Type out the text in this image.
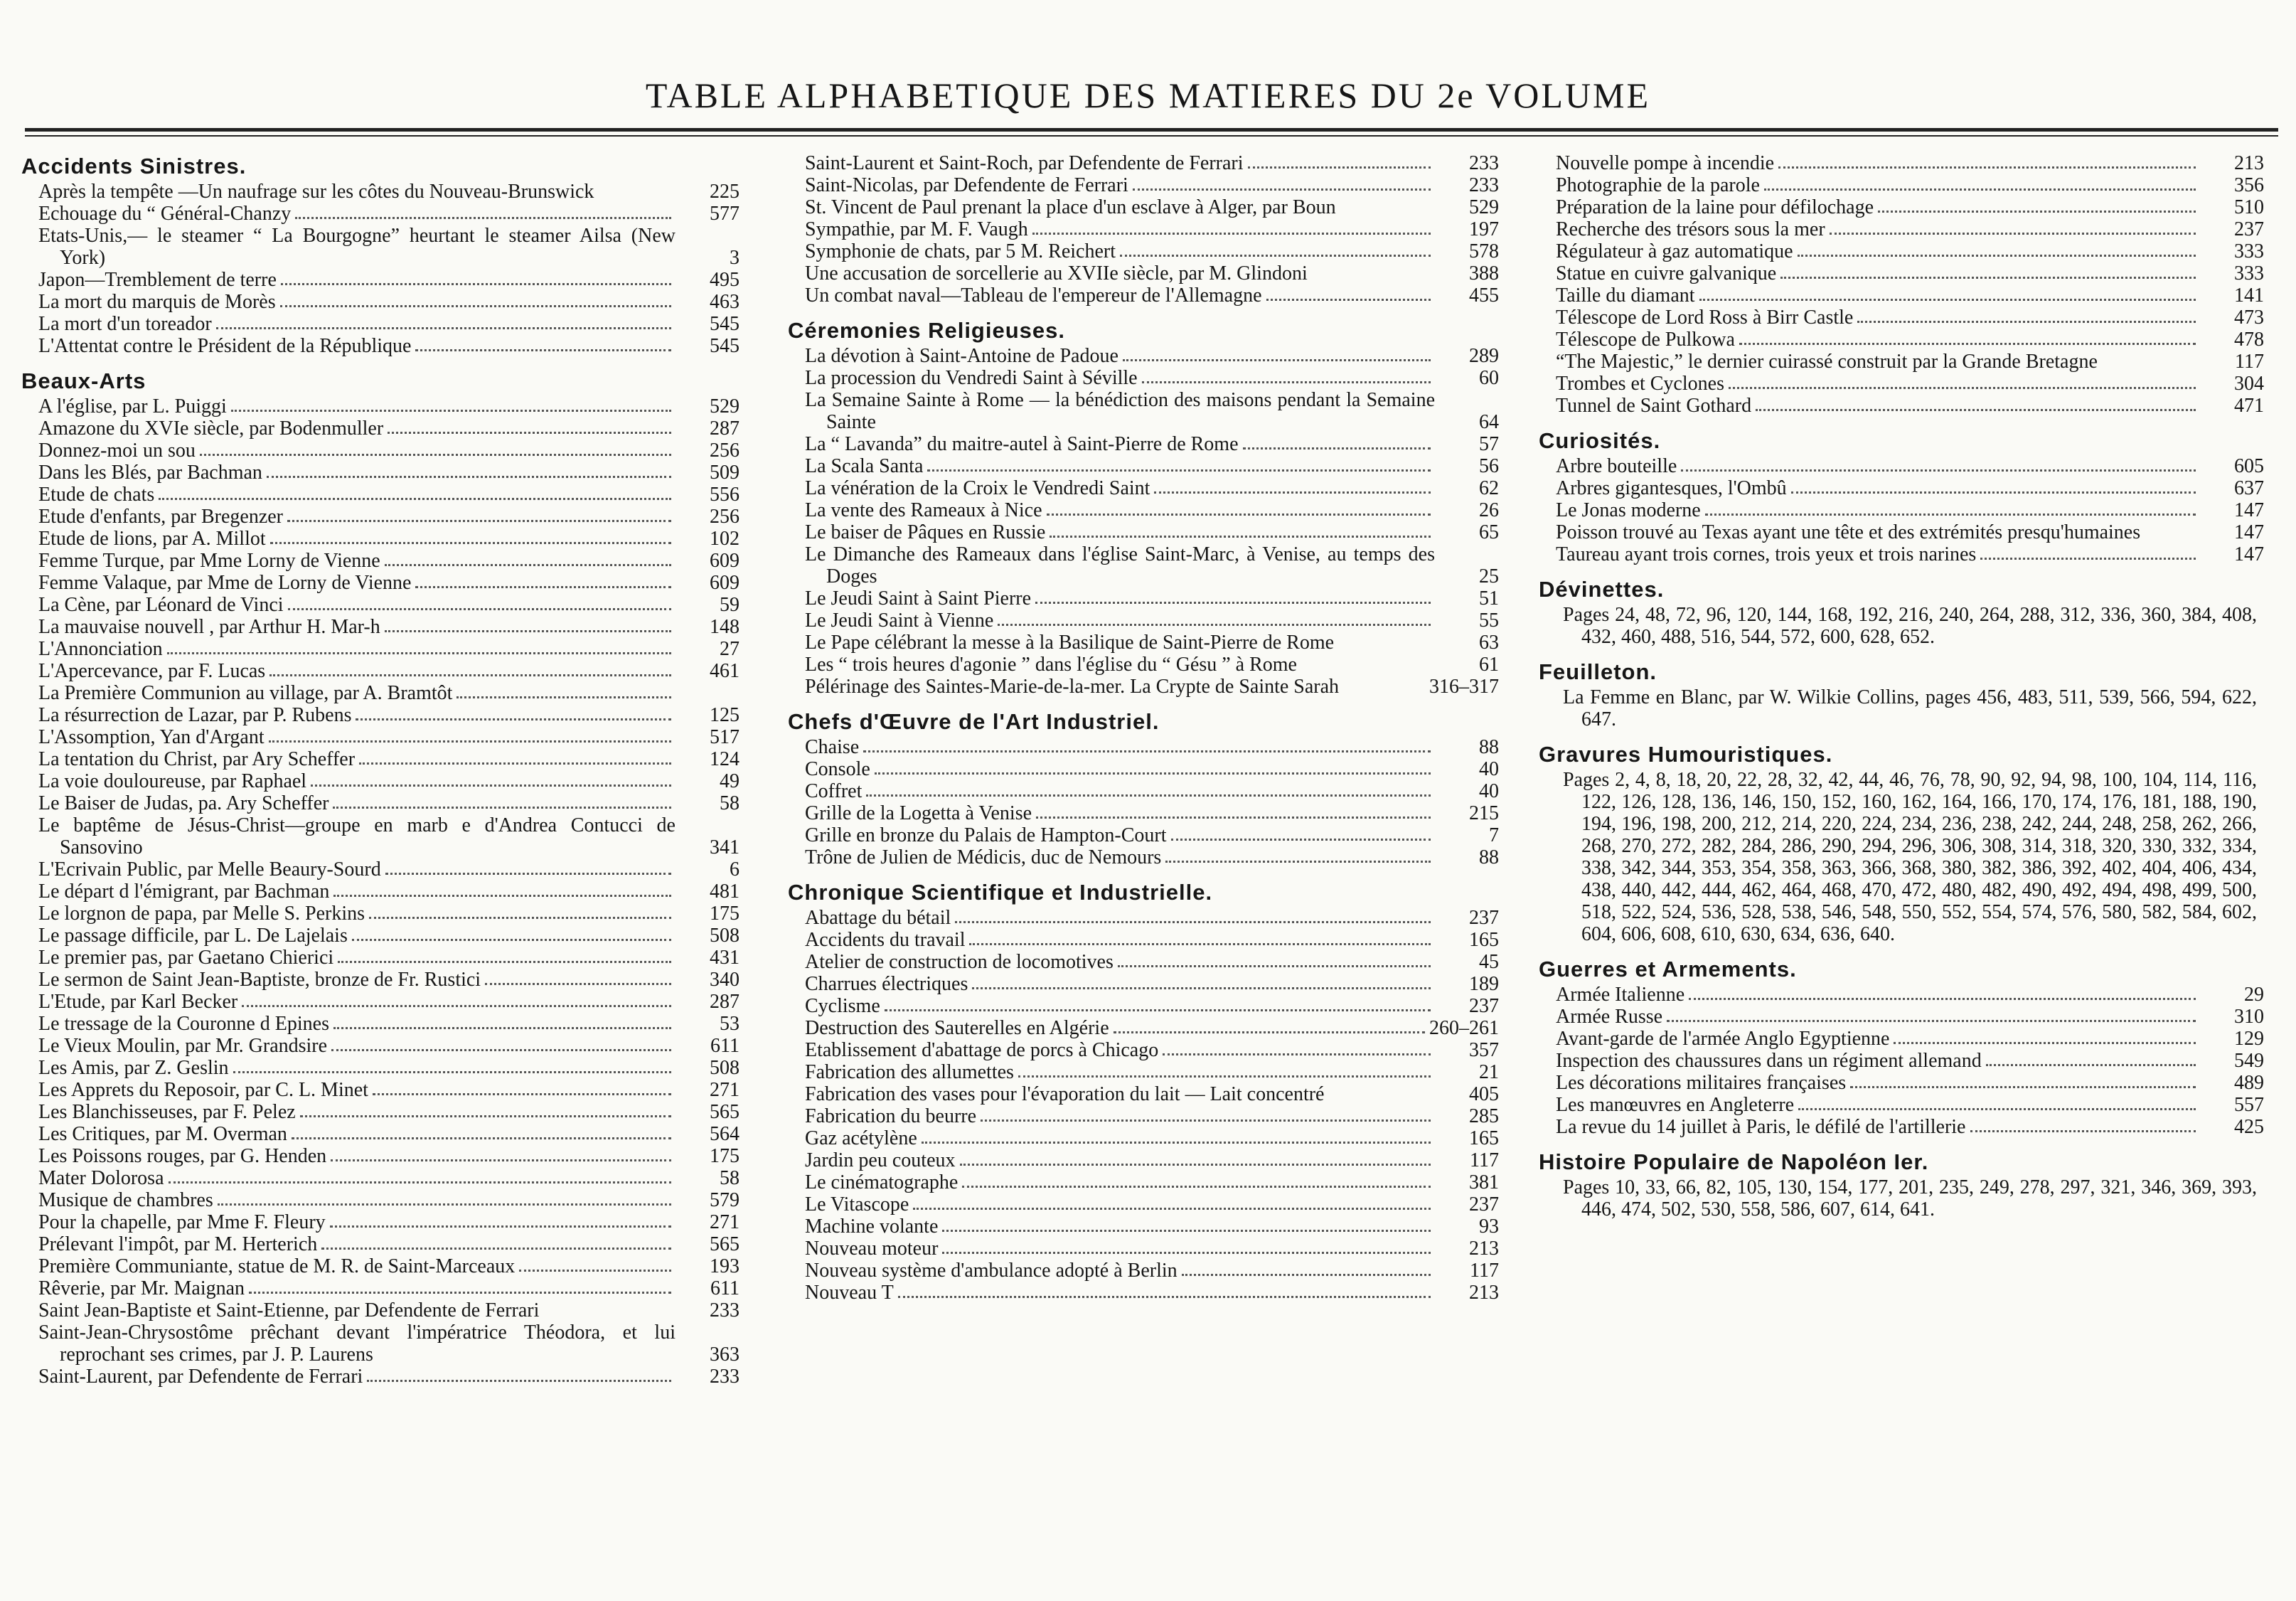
TABLE ALPHABETIQUE DES MATIERES DU 2e VOLUME
Accidents Sinistres.
Après la tempête —Un naufrage sur les côtes du Nouveau-Brunswick	225
Echouage du “ Général-Chanzy	577
Etats-Unis,— le steamer “ La Bourgogne” heurtant le steamer Ailsa (New York)	3
Japon—Tremblement de terre	495
La mort du marquis de Morès	463
La mort d'un toreador	545
L'Attentat contre le Président de la République	545
Beaux-Arts
A l'église, par L. Puiggi	529
Amazone du XVIe siècle, par Bodenmuller	287
Donnez-moi un sou	256
Dans les Blés, par Bachman	509
Etude de chats	556
Etude d'enfants, par Bregenzer	256
Etude de lions, par A. Millot	102
Femme Turque, par Mme Lorny de Vienne	609
Femme Valaque, par Mme de Lorny de Vienne	609
La Cène, par Léonard de Vinci	59
La mauvaise nouvell , par Arthur H. Mar-h	148
L'Annonciation	27
L'Apercevance, par F. Lucas	461
La Première Communion au village, par A. Bramtôt
La résurrection de Lazar, par P. Rubens	125
L'Assomption, Yan d'Argant	517
La tentation du Christ, par Ary Scheffer	124
La voie douloureuse, par Raphael	49
Le Baiser de Judas, pa. Ary Scheffer	58
Le baptême de Jésus-Christ—groupe en marb e d'Andrea Contucci de Sansovino	341
L'Ecrivain Public, par Melle Beaury-Sourd	6
Le départ d l'émigrant, par Bachman	481
Le lorgnon de papa, par Melle S. Perkins	175
Le passage difficile, par L. De Lajelais	508
Le premier pas, par Gaetano Chierici	431
Le sermon de Saint Jean-Baptiste, bronze de Fr. Rustici	340
L'Etude, par Karl Becker	287
Le tressage de la Couronne d Epines	53
Le Vieux Moulin, par Mr. Grandsire	611
Les Amis, par Z. Geslin	508
Les Apprets du Reposoir, par C. L. Minet	271
Les Blanchisseuses, par F. Pelez	565
Les Critiques, par M. Overman	564
Les Poissons rouges, par G. Henden	175
Mater Dolorosa	58
Musique de chambres	579
Pour la chapelle, par Mme F. Fleury	271
Prélevant l'impôt, par M. Herterich	565
Première Communiante, statue de M. R. de Saint-Marceaux	193
Rêverie, par Mr. Maignan	611
Saint Jean-Baptiste et Saint-Etienne, par Defendente de Ferrari	233
Saint-Jean-Chrysostôme prêchant devant l'impératrice Théodora, et lui reprochant ses crimes, par J. P. Laurens	363
Saint-Laurent, par Defendente de Ferrari	233
Saint-Laurent et Saint-Roch, par Defendente de Ferrari	233
Saint-Nicolas, par Defendente de Ferrari	233
St. Vincent de Paul prenant la place d'un esclave à Alger, par Boun	529
Sympathie, par M. F. Vaugh	197
Symphonie de chats, par 5 M. Reichert	578
Une accusation de sorcellerie au XVIIe siècle, par M. Glindoni	388
Un combat naval—Tableau de l'empereur de l'Allemagne	455
Céremonies Religieuses.
La dévotion à Saint-Antoine de Padoue	289
La procession du Vendredi Saint à Séville	60
La Semaine Sainte à Rome — la bénédiction des maisons pendant la Semaine Sainte	64
La “ Lavanda” du maitre-autel à Saint-Pierre de Rome	57
La Scala Santa	56
La vénération de la Croix le Vendredi Saint	62
La vente des Rameaux à Nice	26
Le baiser de Pâques en Russie	65
Le Dimanche des Rameaux dans l'église Saint-Marc, à Venise, au temps des Doges	25
Le Jeudi Saint à Saint Pierre	51
Le Jeudi Saint à Vienne	55
Le Pape célébrant la messe à la Basilique de Saint-Pierre de Rome	63
Les “ trois heures d'agonie ” dans l'église du “ Gésu ” à Rome	61
Pélérinage des Saintes-Marie-de-la-mer. La Crypte de Sainte Sarah	316–317
Chefs d'Œuvre de l'Art Industriel.
Chaise	88
Console	40
Coffret	40
Grille de la Logetta à Venise	215
Grille en bronze du Palais de Hampton-Court	7
Trône de Julien de Médicis, duc de Nemours	88
Chronique Scientifique et Industrielle.
Abattage du bétail	237
Accidents du travail	165
Atelier de construction de locomotives	45
Charrues électriques	189
Cyclisme	237
Destruction des Sauterelles en Algérie	260–261
Etablissement d'abattage de porcs à Chicago	357
Fabrication des allumettes	21
Fabrication des vases pour l'évaporation du lait — Lait concentré	405
Fabrication du beurre	285
Gaz acétylène	165
Jardin peu couteux	117
Le cinématographe	381
Le Vitascope	237
Machine volante	93
Nouveau moteur	213
Nouveau système d'ambulance adopté à Berlin	117
Nouveau T	213
Nouvelle pompe à incendie	213
Photographie de la parole	356
Préparation de la laine pour défilochage	510
Recherche des trésors sous la mer	237
Régulateur à gaz automatique	333
Statue en cuivre galvanique	333
Taille du diamant	141
Télescope de Lord Ross à Birr Castle	473
Télescope de Pulkowa	478
“The Majestic,” le dernier cuirassé construit par la Grande Bretagne	117
Trombes et Cyclones	304
Tunnel de Saint Gothard	471
Curiosités.
Arbre bouteille	605
Arbres gigantesques, l'Ombû	637
Le Jonas moderne	147
Poisson trouvé au Texas ayant une tête et des extrémités presqu'humaines	147
Taureau ayant trois cornes, trois yeux et trois narines	147
Dévinettes.
Pages 24, 48, 72, 96, 120, 144, 168, 192, 216, 240, 264, 288, 312, 336, 360, 384, 408, 432, 460, 488, 516, 544, 572, 600, 628, 652.
Feuilleton.
La Femme en Blanc, par W. Wilkie Collins, pages 456, 483, 511, 539, 566, 594, 622, 647.
Gravures Humouristiques.
Pages 2, 4, 8, 18, 20, 22, 28, 32, 42, 44, 46, 76, 78, 90, 92, 94, 98, 100, 104, 114, 116, 122, 126, 128, 136, 146, 150, 152, 160, 162, 164, 166, 170, 174, 176, 181, 188, 190, 194, 196, 198, 200, 212, 214, 220, 224, 234, 236, 238, 242, 244, 248, 258, 262, 266, 268, 270, 272, 282, 284, 286, 290, 294, 296, 306, 308, 314, 318, 320, 330, 332, 334, 338, 342, 344, 353, 354, 358, 363, 366, 368, 380, 382, 386, 392, 402, 404, 406, 434, 438, 440, 442, 444, 462, 464, 468, 470, 472, 480, 482, 490, 492, 494, 498, 499, 500, 518, 522, 524, 536, 528, 538, 546, 548, 550, 552, 554, 574, 576, 580, 582, 584, 602, 604, 606, 608, 610, 630, 634, 636, 640.
Guerres et Armements.
Armée Italienne	29
Armée Russe	310
Avant-garde de l'armée Anglo Egyptienne	129
Inspection des chaussures dans un régiment allemand	549
Les décorations militaires françaises	489
Les manœuvres en Angleterre	557
La revue du 14 juillet à Paris, le défilé de l'artillerie	425
Histoire Populaire de Napoléon Ier.
Pages 10, 33, 66, 82, 105, 130, 154, 177, 201, 235, 249, 278, 297, 321, 346, 369, 393, 446, 474, 502, 530, 558, 586, 607, 614, 641.
